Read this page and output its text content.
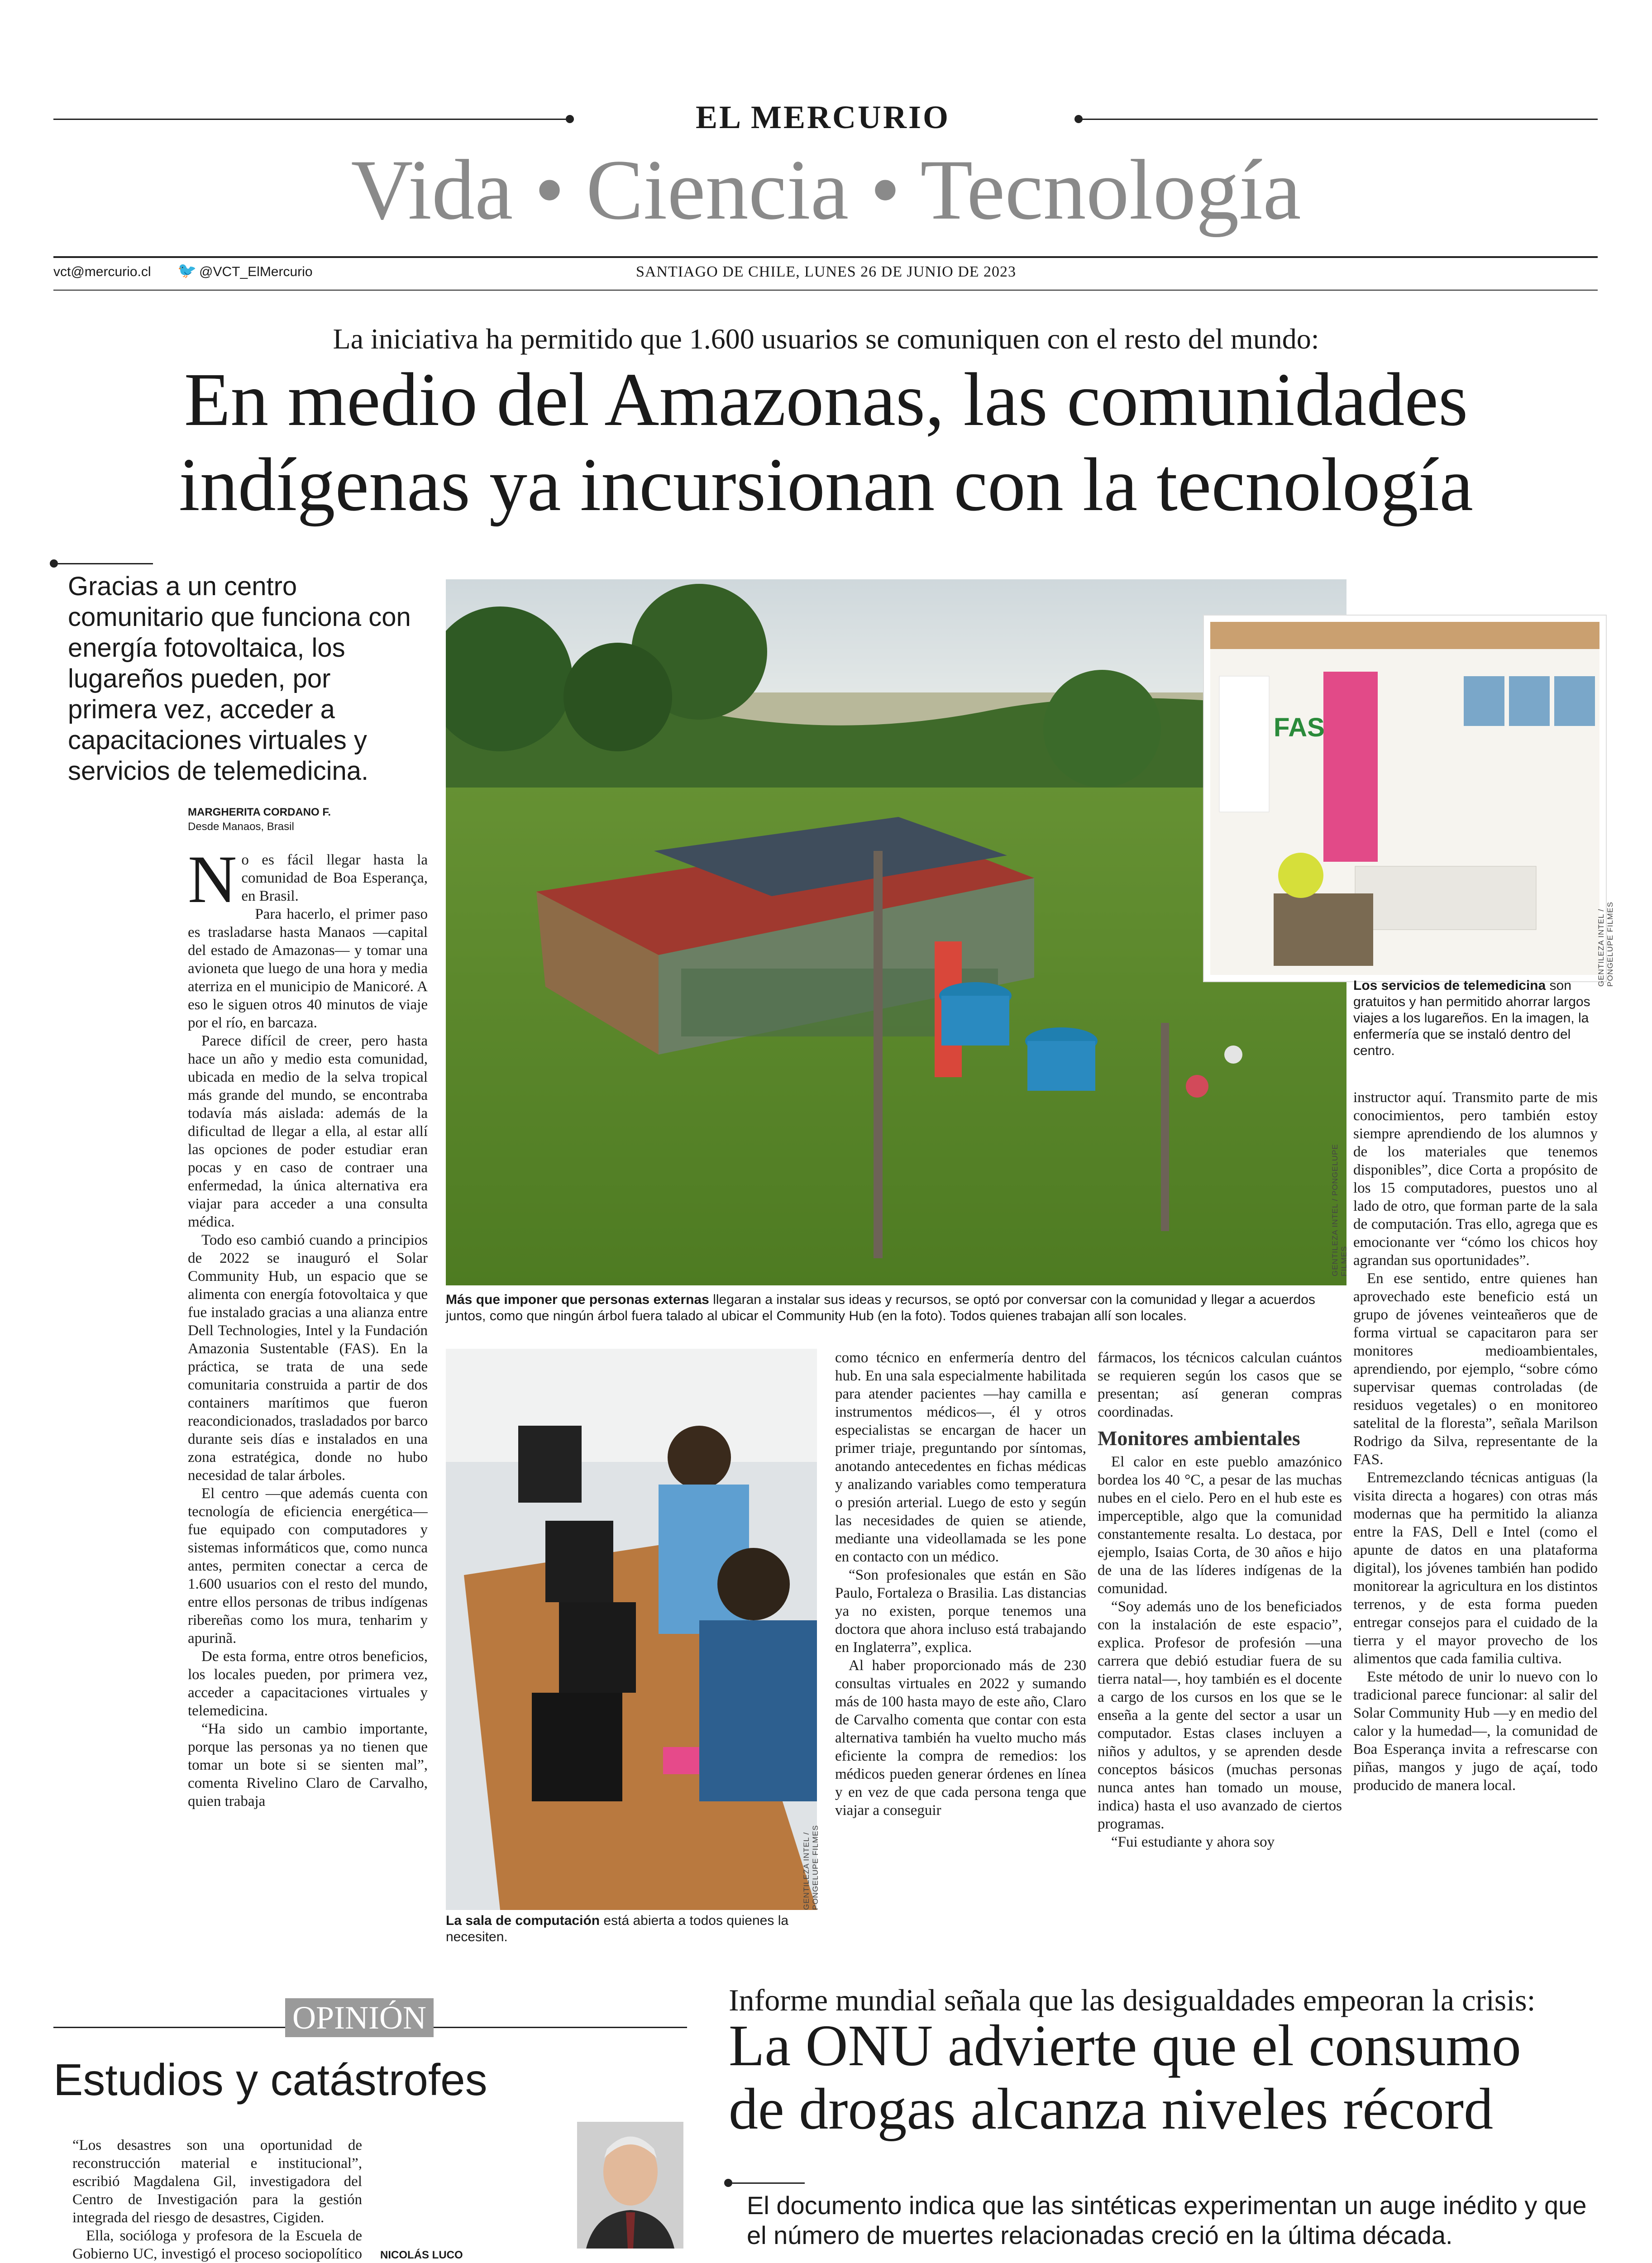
EL MERCURIO
Vida • Ciencia • Tecnología
vct@mercurio.cl 🐦 @VCT_ElMercurio	SANTIAGO DE CHILE, LUNES 26 DE JUNIO DE 2023
La iniciativa ha permitido que 1.600 usuarios se comuniquen con el resto del mundo:
En medio del Amazonas, las comunidades
indígenas ya incursionan con la tecnología
Gracias a un centro comunitario que funciona con energía fotovoltaica, los lugareños pueden, por primera vez, acceder a capacitaciones virtuales y servicios de telemedicina.
MARGHERITA CORDANO F.
Desde Manaos, Brasil

No es fácil llegar hasta la comunidad de Boa Esperança, en Brasil.

Para hacerlo, el primer paso es trasladarse hasta Manaos —capital del estado de Amazonas— y tomar una avioneta que luego de una hora y media aterriza en el municipio de Manicoré. A eso le siguen otros 40 minutos de viaje por el río, en barcaza.

Parece difícil de creer, pero hasta hace un año y medio esta comunidad, ubicada en medio de la selva tropical más grande del mundo, se encontraba todavía más aislada: además de la dificultad de llegar a ella, al estar allí las opciones de poder estudiar eran pocas y en caso de contraer una enfermedad, la única alternativa era viajar para acceder a una consulta médica.

Todo eso cambió cuando a principios de 2022 se inauguró el Solar Community Hub, un espacio que se alimenta con energía fotovoltaica y que fue instalado gracias a una alianza entre Dell Technologies, Intel y la Fundación Amazonia Sustentable (FAS). En la práctica, se trata de una sede comunitaria construida a partir de dos containers marítimos que fueron reacondicionados, trasladados por barco durante seis días e instalados en una zona estratégica, donde no hubo necesidad de talar árboles.

El centro —que además cuenta con tecnología de eficiencia energética— fue equipado con computadores y sistemas informáticos que, como nunca antes, permiten conectar a cerca de 1.600 usuarios con el resto del mundo, entre ellos personas de tribus indígenas ribereñas como los mura, tenharim y apurinã.

De esta forma, entre otros beneficios, los locales pueden, por primera vez, acceder a capacitaciones virtuales y telemedicina.

“Ha sido un cambio importante, porque las personas ya no tienen que tomar un bote si se sienten mal”, comenta Rivelino Claro de Carvalho, quien trabaja

GENTILEZA INTEL / PONGELUPE FILMES
Más que imponer que personas externas llegaran a instalar sus ideas y recursos, se optó por conversar con la comunidad y llegar a acuerdos juntos, como que ningún árbol fuera talado al ubicar el Community Hub (en la foto). Todos quienes trabajan allí son locales.
FAS
GENTILEZA INTEL / PONGELUPE FILMES
Los servicios de telemedicina son gratuitos y han permitido ahorrar largos viajes a los lugareños. En la imagen, la enfermería que se instaló dentro del centro.
GENTILEZA INTEL / PONGELUPE FILMES
La sala de computación está abierta a todos quienes la necesiten.

como técnico en enfermería dentro del hub. En una sala especialmente habilitada para atender pacientes —hay camilla e instrumentos médicos—, él y otros especialistas se encargan de hacer un primer triaje, preguntando por síntomas, anotando antecedentes en fichas médicas y analizando variables como temperatura o presión arterial. Luego de esto y según las necesidades de quien se atiende, mediante una videollamada se les pone en contacto con un médico.

“Son profesionales que están en São Paulo, Fortaleza o Brasilia. Las distancias ya no existen, porque tenemos una doctora que ahora incluso está trabajando en Inglaterra”, explica.

Al haber proporcionado más de 230 consultas virtuales en 2022 y sumando más de 100 hasta mayo de este año, Claro de Carvalho comenta que contar con esta alternativa también ha vuelto mucho más eficiente la compra de remedios: los médicos pueden generar órdenes en línea y en vez de que cada persona tenga que viajar a conseguir

fármacos, los técnicos calculan cuántos se requieren según los casos que se presentan; así generan compras coordinadas.

Monitores ambientales

El calor en este pueblo amazónico bordea los 40 °C, a pesar de las muchas nubes en el cielo. Pero en el hub este es imperceptible, algo que la comunidad constantemente resalta. Lo destaca, por ejemplo, Isaias Corta, de 30 años e hijo de una de las líderes indígenas de la comunidad.

“Soy además uno de los beneficiados con la instalación de este espacio”, explica. Profesor de profesión —una carrera que debió estudiar fuera de su tierra natal—, hoy también es el docente a cargo de los cursos en los que se le enseña a la gente del sector a usar un computador. Estas clases incluyen a niños y adultos, y se aprenden desde conceptos básicos (muchas personas nunca antes han tomado un mouse, indica) hasta el uso avanzado de ciertos programas.

“Fui estudiante y ahora soy

instructor aquí. Transmito parte de mis conocimientos, pero también estoy siempre aprendiendo de los alumnos y de los materiales que tenemos disponibles”, dice Corta a propósito de los 15 computadores, puestos uno al lado de otro, que forman parte de la sala de computación. Tras ello, agrega que es emocionante ver “cómo los chicos hoy agrandan sus oportunidades”.

En ese sentido, entre quienes han aprovechado este beneficio está un grupo de jóvenes veinteañeros que de forma virtual se capacitaron para ser monitores medioambientales, aprendiendo, por ejemplo, “sobre cómo supervisar quemas controladas (de residuos vegetales) o en monitoreo satelital de la floresta”, señala Marilson Rodrigo da Silva, representante de la FAS.

Entremezclando técnicas antiguas (la visita directa a hogares) con otras más modernas que ha permitido la alianza entre la FAS, Dell e Intel (como el apunte de datos en una plataforma digital), los jóvenes también han podido monitorear la agricultura en los distintos terrenos, y de esta forma pueden entregar consejos para el cuidado de la tierra y el mayor provecho de los alimentos que cada familia cultiva.

Este método de unir lo nuevo con lo tradicional parece funcionar: al salir del Solar Community Hub —y en medio del calor y la humedad—, la comunidad de Boa Esperança invita a refrescarse con piñas, mangos y jugo de açaí, todo producido de manera local.

OPINIÓN
Estudios y catástrofes
NICOLÁS LUCO

“Los desastres son una oportunidad de reconstrucción material e institucional”, escribió Magdalena Gil, investigadora del Centro de Investigación para la gestión integrada del riesgo de desastres, Cigiden.

Ella, socióloga y profesora de la Escuela de Gobierno UC, investigó el proceso sociopolítico

Informe mundial señala que las desigualdades empeoran la crisis:
La ONU advierte que el consumo
de drogas alcanza niveles récord
El documento indica que las sintéticas experimentan un auge inédito y que el número de muertes relacionadas creció en la última década.
